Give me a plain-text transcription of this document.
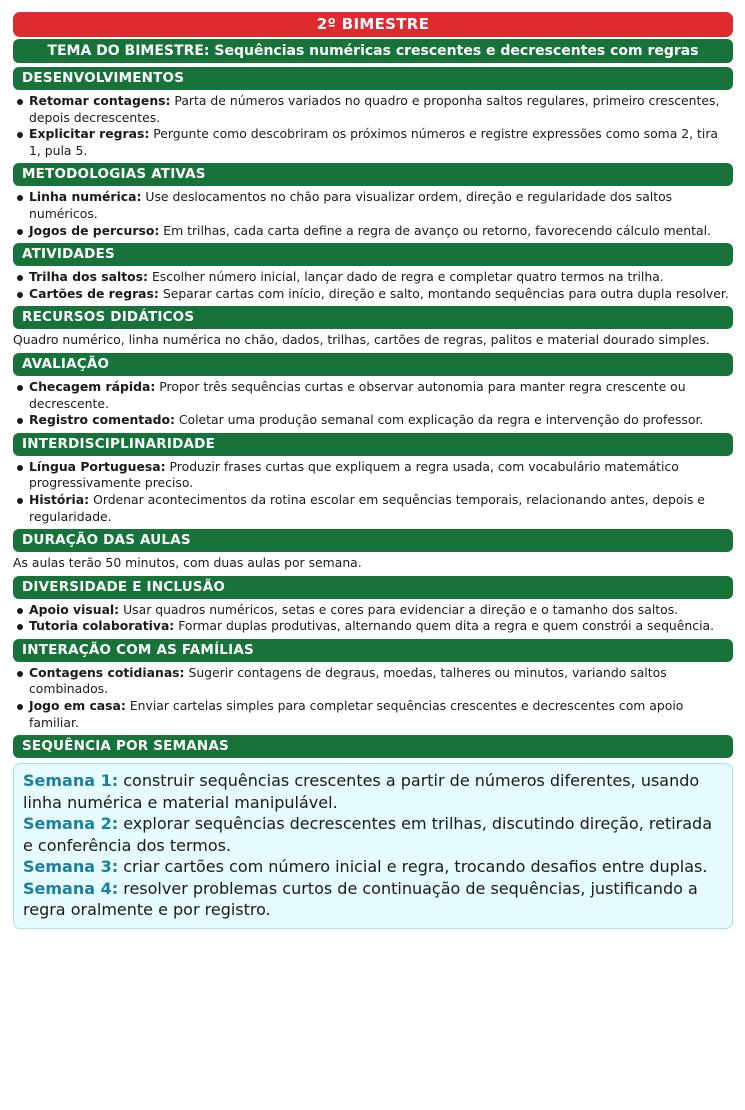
2º BIMESTRE
TEMA DO BIMESTRE: Sequências numéricas crescentes e decrescentes com regras
DESENVOLVIMENTOS
Retomar contagens: Parta de números variados no quadro e proponha saltos regulares, primeiro crescentes, depois decrescentes.
Explicitar regras: Pergunte como descobriram os próximos números e registre expressões como soma 2, tira 1, pula 5.
METODOLOGIAS ATIVAS
Linha numérica: Use deslocamentos no chão para visualizar ordem, direção e regularidade dos saltos numéricos.
Jogos de percurso: Em trilhas, cada carta define a regra de avanço ou retorno, favorecendo cálculo mental.
ATIVIDADES
Trilha dos saltos: Escolher número inicial, lançar dado de regra e completar quatro termos na trilha.
Cartões de regras: Separar cartas com início, direção e salto, montando sequências para outra dupla resolver.
RECURSOS DIDÁTICOS

Quadro numérico, linha numérica no chão, dados, trilhas, cartões de regras, palitos e material dourado simples.

AVALIAÇÃO
Checagem rápida: Propor três sequências curtas e observar autonomia para manter regra crescente ou decrescente.
Registro comentado: Coletar uma produção semanal com explicação da regra e intervenção do professor.
INTERDISCIPLINARIDADE
Língua Portuguesa: Produzir frases curtas que expliquem a regra usada, com vocabulário matemático progressivamente preciso.
História: Ordenar acontecimentos da rotina escolar em sequências temporais, relacionando antes, depois e regularidade.
DURAÇÃO DAS AULAS

As aulas terão 50 minutos, com duas aulas por semana.

DIVERSIDADE E INCLUSÃO
Apoio visual: Usar quadros numéricos, setas e cores para evidenciar a direção e o tamanho dos saltos.
Tutoria colaborativa: Formar duplas produtivas, alternando quem dita a regra e quem constrói a sequência.
INTERAÇÃO COM AS FAMÍLIAS
Contagens cotidianas: Sugerir contagens de degraus, moedas, talheres ou minutos, variando saltos combinados.
Jogo em casa: Enviar cartelas simples para completar sequências crescentes e decrescentes com apoio familiar.
SEQUÊNCIA POR SEMANAS

Semana 1: construir sequências crescentes a partir de números diferentes, usando linha numérica e material manipulável.

Semana 2: explorar sequências decrescentes em trilhas, discutindo direção, retirada e conferência dos termos.

Semana 3: criar cartões com número inicial e regra, trocando desafios entre duplas.

Semana 4: resolver problemas curtos de continuação de sequências, justificando a regra oralmente e por registro.
